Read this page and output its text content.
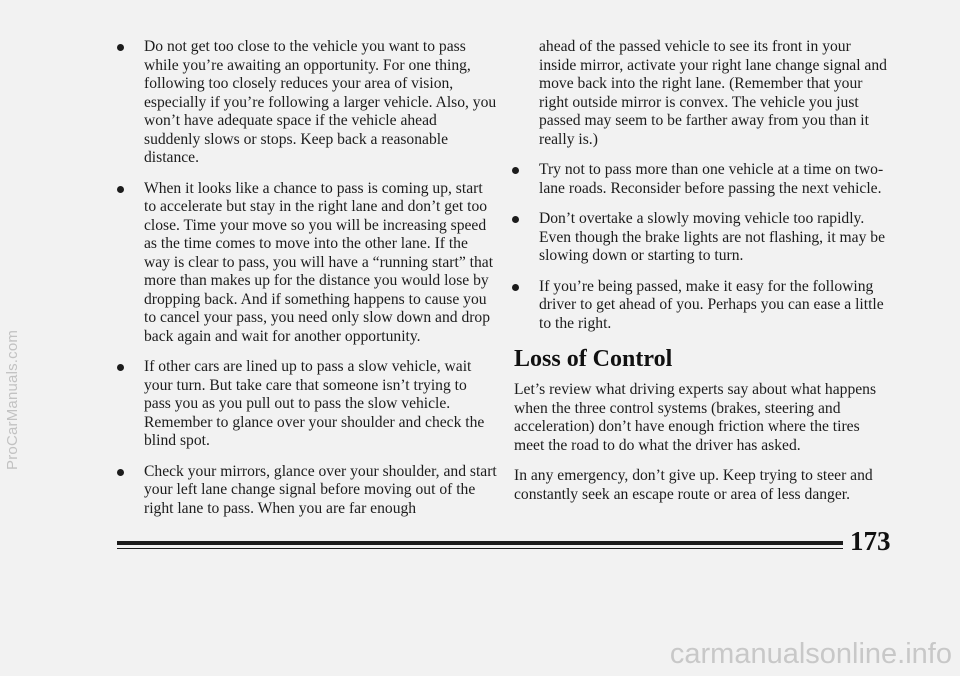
ProCarManuals.com
Do not get too close to the vehicle you want to pass while you’re awaiting an opportunity. For one thing, following too closely reduces your area of vision, especially if you’re following a larger vehicle. Also, you won’t have adequate space if the vehicle ahead suddenly slows or stops. Keep back a reasonable distance.
When it looks like a chance to pass is coming up, start to accelerate but stay in the right lane and don’t get too close. Time your move so you will be increasing speed as the time comes to move into the other lane. If the way is clear to pass, you will have a “running start” that more than makes up for the distance you would lose by dropping back. And if something happens to cause you to cancel your pass, you need only slow down and drop back again and wait for another opportunity.
If other cars are lined up to pass a slow vehicle, wait your turn. But take care that someone isn’t trying to pass you as you pull out to pass the slow vehicle. Remember to glance over your shoulder and check the blind spot.
Check your mirrors, glance over your shoulder, and start your left lane change signal before moving out of the right lane to pass. When you are far enough
ahead of the passed vehicle to see its front in your inside mirror, activate your right lane change signal and move back into the right lane. (Remember that your right outside mirror is convex. The vehicle you just passed may seem to be farther away from you than it really is.)
Try not to pass more than one vehicle at a time on two-lane roads. Reconsider before passing the next vehicle.
Don’t overtake a slowly moving vehicle too rapidly. Even though the brake lights are not flashing, it may be slowing down or starting to turn.
If you’re being passed, make it easy for the following driver to get ahead of you. Perhaps you can ease a little to the right.
Loss of Control
Let’s review what driving experts say about what happens when the three control systems (brakes, steering and acceleration) don’t have enough friction where the tires meet the road to do what the driver has asked.
In any emergency, don’t give up. Keep trying to steer and constantly seek an escape route or area of less danger.
173
carmanualsonline.info
